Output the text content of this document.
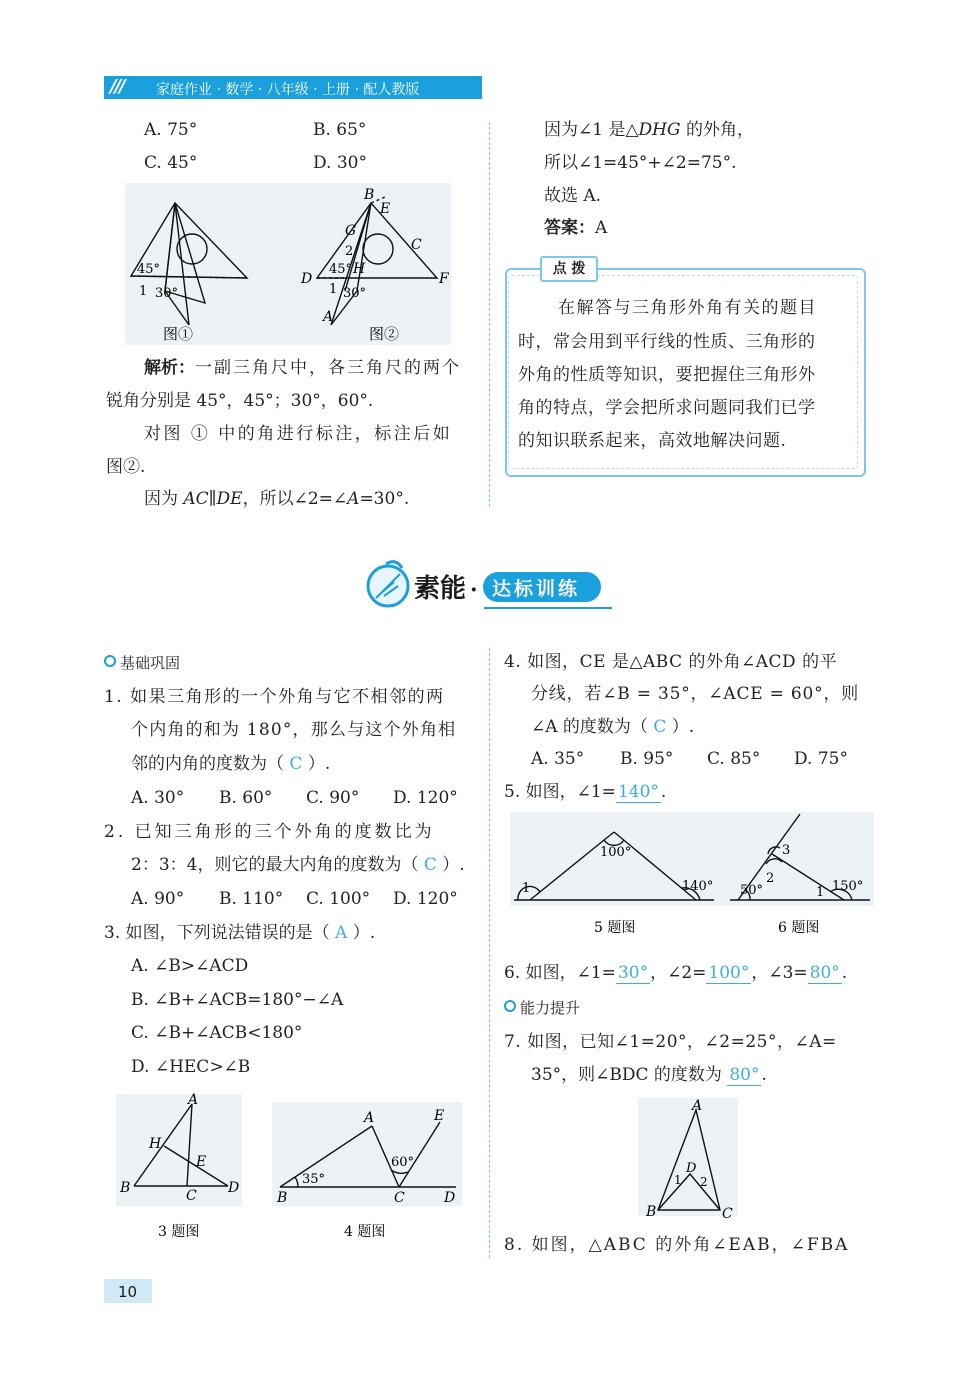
/// 家庭作业 · 数学 · 八年级 · 上册 · 配人教版
A. 75°	B. 65°
C. 45°	D. 30°
45°
1 30°
图①
B
E
G
2	C
D
45° H
F
1 30°
A
图②
解析：一副三角尺中，各三角尺的两个
锐角分别是 45°，45°；30°，60°.
对图 ① 中的角进行标注，标注后如
图②.
因为 AC∥DE，所以∠2=∠A=30°.
因为∠1 是△DHG 的外角，
所以∠1=45°+∠2=75°.
故选 A.
答案：A
点 拨
在解答与三角形外角有关的题目
时，常会用到平行线的性质、三角形的
外角的性质等知识，要把握住三角形外
角的特点，学会把所求问题同我们已学
的知识联系起来，高效地解决问题.
素能 · 达标训练
基础巩固
1. 如果三角形的一个外角与它不相邻的两
个内角的和为 180°，那么与这个外角相
邻的内角的度数为（ C ）.
A. 30° B. 60° C. 90° D. 120°
2. 已知三角形的三个外角的度数比为
2：3：4，则它的最大内角的度数为（ C ）.
A. 90° B. 110° C. 100° D. 120°
3. 如图，下列说法错误的是（ A ）.
A. ∠B>∠ACD
B. ∠B+∠ACB=180°−∠A
C. ∠B+∠ACB<180°
D. ∠HEC>∠B
A
H
E
B	C D
3 题图
A	E
60°
35°
B	C	D
4 题图
4. 如图，CE 是△ABC 的外角∠ACD 的平
分线，若∠B = 35°，∠ACE = 60°，则
∠A 的度数为（ C ）.
A. 35° B. 95° C. 85° D. 75°
5. 如图，∠1= 140° .
100°
1	140°
5 题图
3
2
50°	1 150°
6 题图
6. 如图，∠1= 30° ，∠2= 100° ，∠3= 80° .
能力提升
7. 如图，已知∠1=20°，∠2=25°，∠A=
35°，则∠BDC 的度数为 80° .
A
D
1 2
B	C
8. 如图，△ABC 的外角∠EAB，∠FBA
10
